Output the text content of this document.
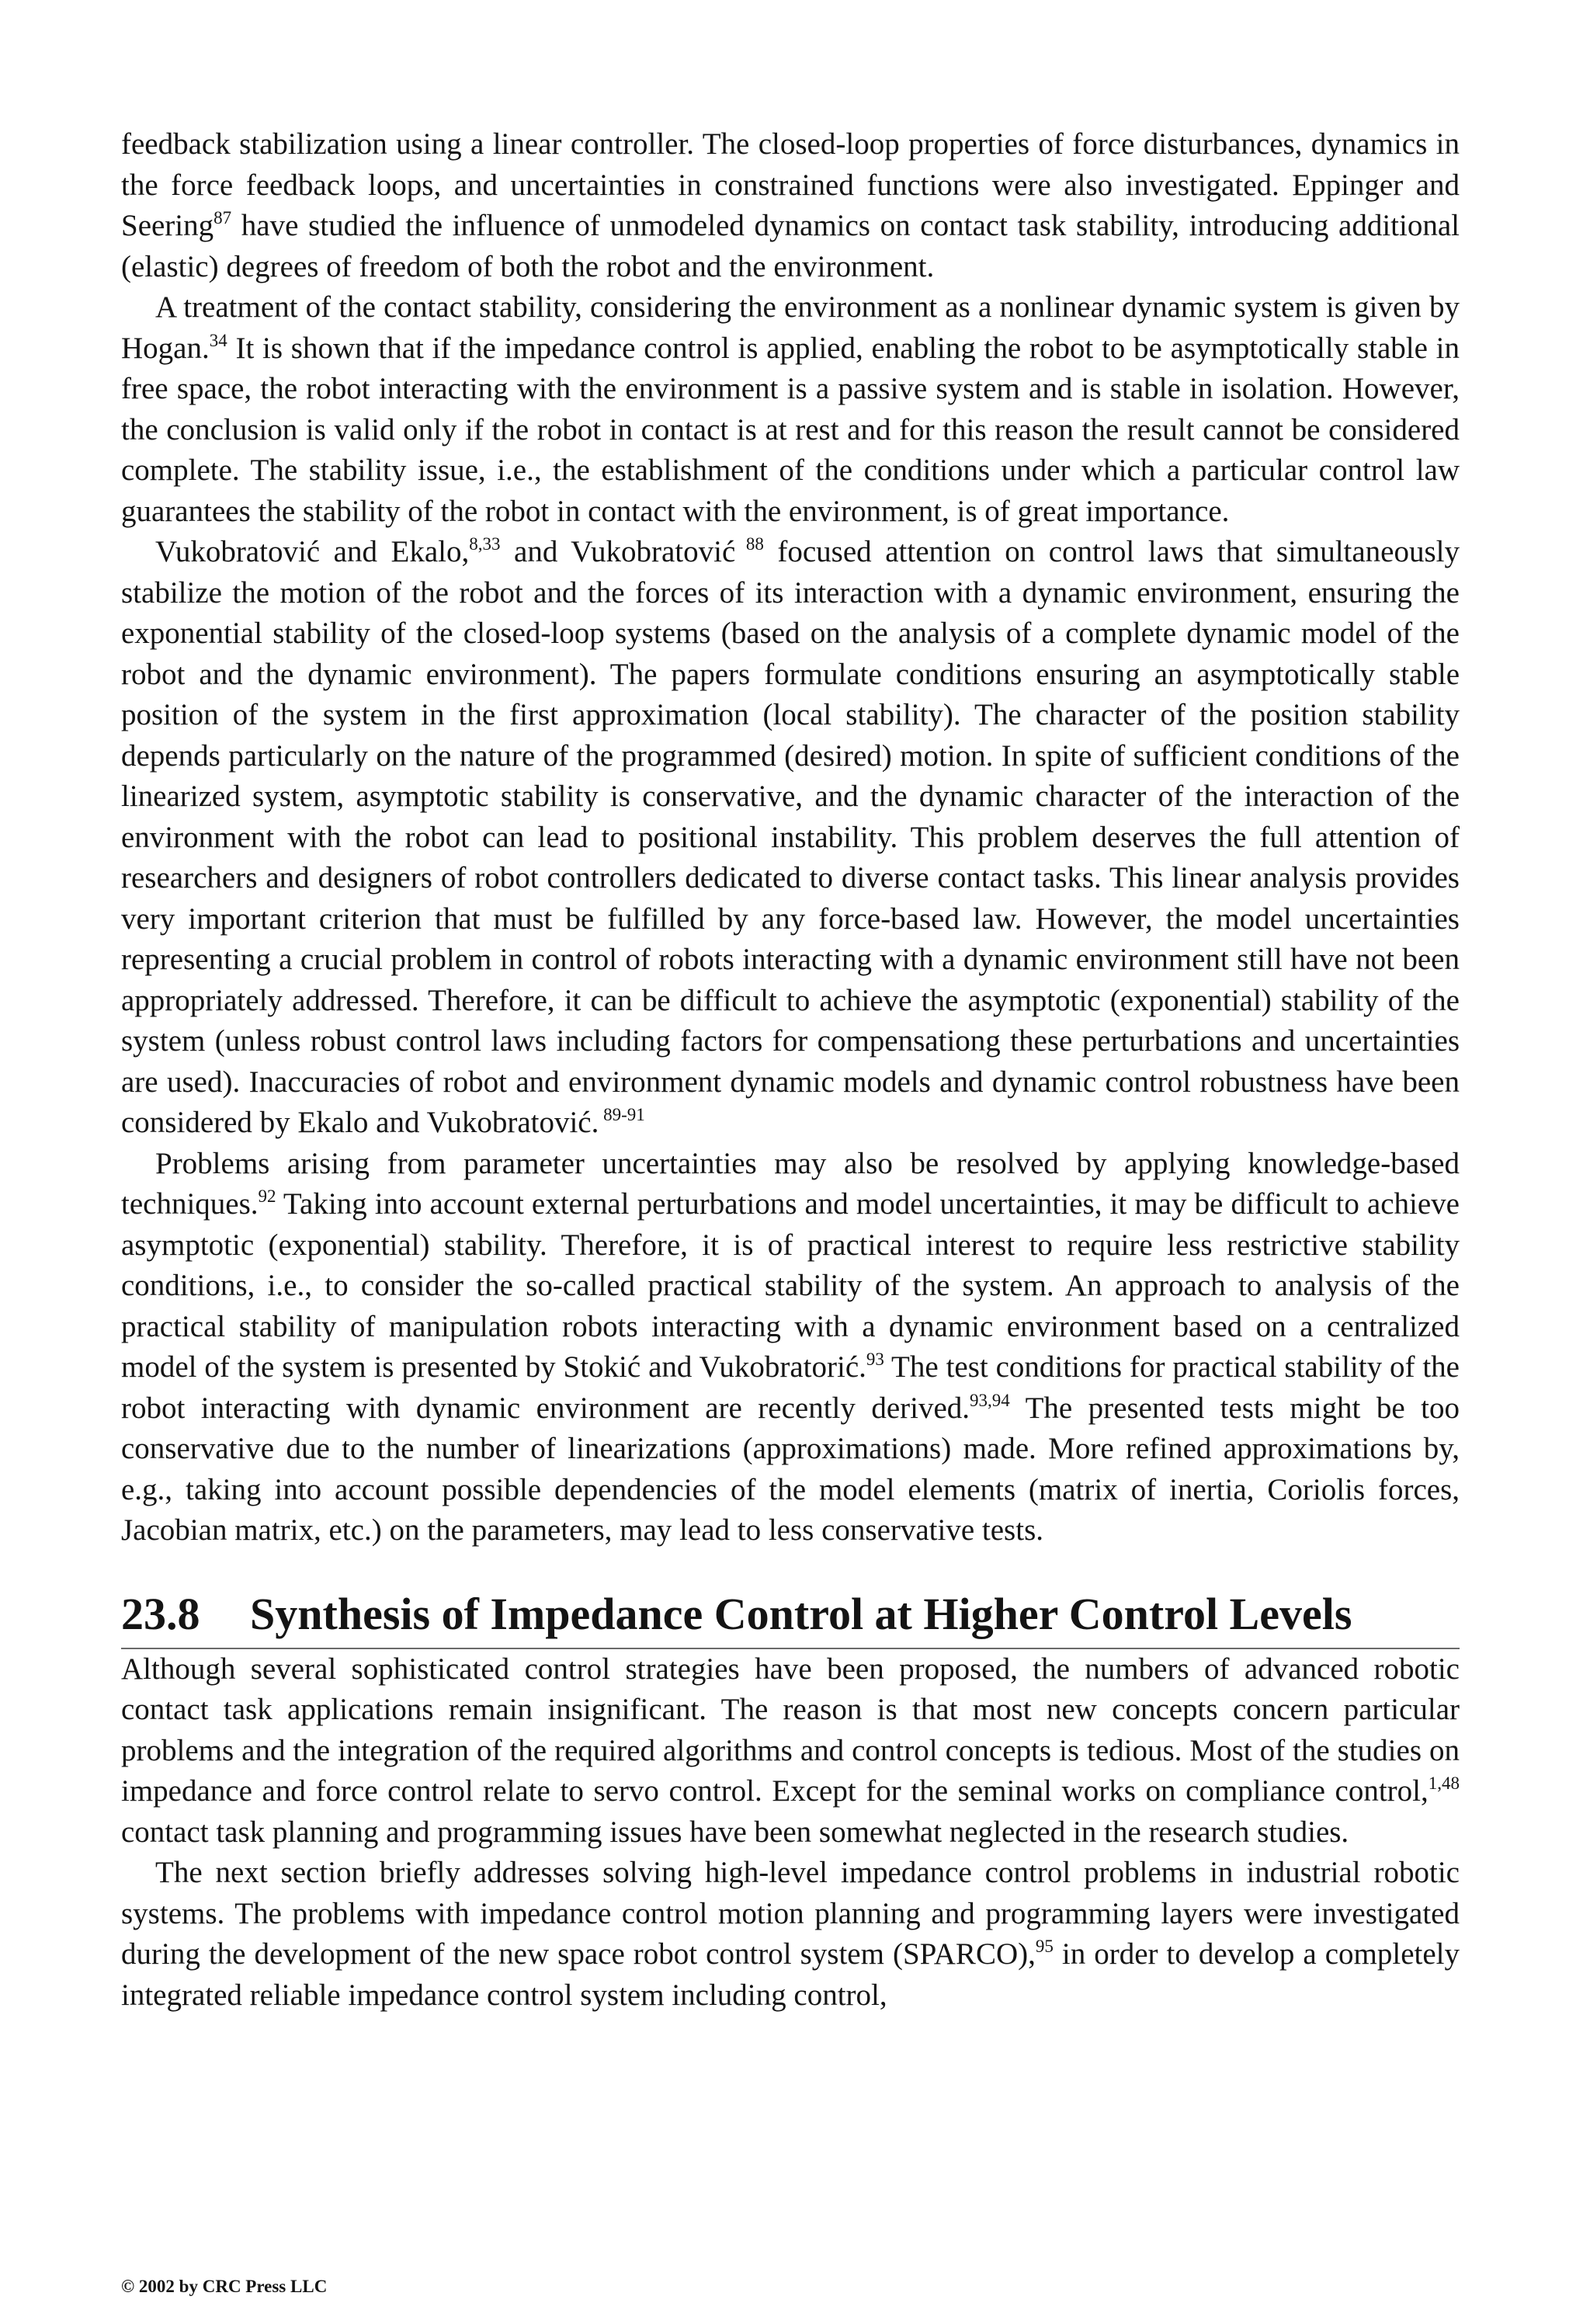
feedback stabilization using a linear controller. The closed-loop properties of force disturbances, dynamics in the force feedback loops, and uncertainties in constrained functions were also investigated. Eppinger and Seering$^{87}$ have studied the influence of unmodeled dynamics on contact task stability, introducing additional (elastic) degrees of freedom of both the robot and the environment.

A treatment of the contact stability, considering the environment as a nonlinear dynamic system is given by Hogan.$^{34}$ It is shown that if the impedance control is applied, enabling the robot to be asymptotically stable in free space, the robot interacting with the environment is a passive system and is stable in isolation. However, the conclusion is valid only if the robot in contact is at rest and for this reason the result cannot be considered complete. The stability issue, i.e., the establishment of the conditions under which a particular control law guarantees the stability of the robot in contact with the environment, is of great importance.

Vukobratović and Ekalo,$^{8,33}$ and Vukobratović $^{88}$ focused attention on control laws that simultaneously stabilize the motion of the robot and the forces of its interaction with a dynamic environment, ensuring the exponential stability of the closed-loop systems (based on the analysis of a complete dynamic model of the robot and the dynamic environment). The papers formulate conditions ensuring an asymptotically stable position of the system in the first approximation (local stability). The character of the position stability depends particularly on the nature of the programmed (desired) motion. In spite of sufficient conditions of the linearized system, asymptotic stability is conservative, and the dynamic character of the interaction of the environment with the robot can lead to positional instability. This problem deserves the full attention of researchers and designers of robot controllers dedicated to diverse contact tasks. This linear analysis provides very important criterion that must be fulfilled by any force-based law. However, the model uncertainties representing a crucial problem in control of robots interacting with a dynamic environment still have not been appropriately addressed. Therefore, it can be difficult to achieve the asymptotic (exponential) stability of the system (unless robust control laws including factors for compensationg these perturbations and uncertainties are used). Inaccuracies of robot and environment dynamic models and dynamic control robustness have been considered by Ekalo and Vukobratović. $^{89-91}$

Problems arising from parameter uncertainties may also be resolved by applying knowledge-based techniques.$^{92}$ Taking into account external perturbations and model uncertainties, it may be difficult to achieve asymptotic (exponential) stability. Therefore, it is of practical interest to require less restrictive stability conditions, i.e., to consider the so-called practical stability of the system. An approach to analysis of the practical stability of manipulation robots interacting with a dynamic environment based on a centralized model of the system is presented by Stokić and Vukobratorić.$^{93}$ The test conditions for practical stability of the robot interacting with dynamic environment are recently derived.$^{93,94}$ The presented tests might be too conservative due to the number of linearizations (approximations) made. More refined approximations by, e.g., taking into account possible dependencies of the model elements (matrix of inertia, Coriolis forces, Jacobian matrix, etc.) on the parameters, may lead to less conservative tests.

23.8 Synthesis of Impedance Control at Higher Control Levels

Although several sophisticated control strategies have been proposed, the numbers of advanced robotic contact task applications remain insignificant. The reason is that most new concepts concern particular problems and the integration of the required algorithms and control concepts is tedious. Most of the studies on impedance and force control relate to servo control. Except for the seminal works on compliance control,$^{1,48}$ contact task planning and programming issues have been somewhat neglected in the research studies.

The next section briefly addresses solving high-level impedance control problems in industrial robotic systems. The problems with impedance control motion planning and programming layers were investigated during the development of the new space robot control system (SPARCO),$^{95}$ in order to develop a completely integrated reliable impedance control system including control,

© 2002 by CRC Press LLC
